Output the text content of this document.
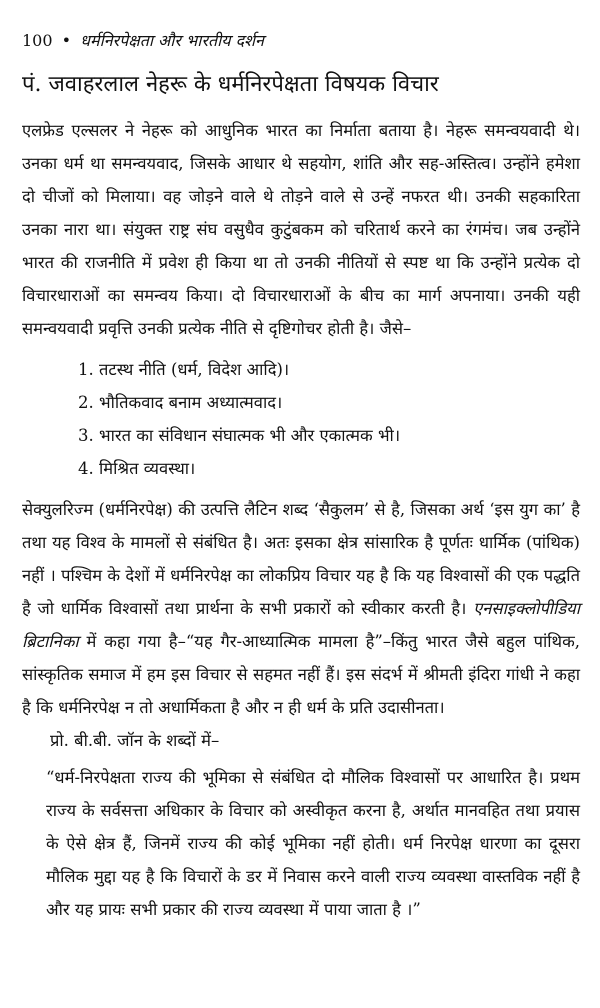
100 • धर्मनिरपेक्षता और भारतीय दर्शन
पं. जवाहरलाल नेहरू के धर्मनिरपेक्षता विषयक विचार

एलफ्रेड एल्सलर ने नेहरू को आधुनिक भारत का निर्माता बताया है। नेहरू समन्वयवादी थे। उनका धर्म था समन्वयवाद, जिसके आधार थे सहयोग, शांति और सह-अस्तित्व। उन्होंने हमेशा दो चीजों को मिलाया। वह जोड़ने वाले थे तोड़ने वाले से उन्हें नफरत थी। उनकी सहकारिता उनका नारा था। संयुक्त राष्ट्र संघ वसुधैव कुटुंबकम को चरितार्थ करने का रंगमंच। जब उन्होंने भारत की राजनीति में प्रवेश ही किया था तो उनकी नीतियों से स्पष्ट था कि उन्होंने प्रत्येक दो विचारधाराओं का समन्वय किया। दो विचारधाराओं के बीच का मार्ग अपनाया। उनकी यही समन्वयवादी प्रवृत्ति उनकी प्रत्येक नीति से दृष्टिगोचर होती है। जैसे–

1. तटस्थ नीति (धर्म, विदेश आदि)।
2. भौतिकवाद बनाम अध्यात्मवाद।
3. भारत का संविधान संघात्मक भी और एकात्मक भी।
4. मिश्रित व्यवस्था।

सेक्युलरिज्म (धर्मनिरपेक्ष) की उत्पत्ति लैटिन शब्द ‘सैकुलम’ से है, जिसका अर्थ ‘इस युग का’ है तथा यह विश्व के मामलों से संबंधित है। अतः इसका क्षेत्र सांसारिक है पूर्णतः धार्मिक (पांथिक) नहीं । पश्चिम के देशों में धर्मनिरपेक्ष का लोकप्रिय विचार यह है कि यह विश्वासों की एक पद्धति है जो धार्मिक विश्वासों तथा प्रार्थना के सभी प्रकारों को स्वीकार करती है। एनसाइक्लोपीडिया ब्रिटानिका में कहा गया है–“यह गैर-आध्यात्मिक मामला है”–किंतु भारत जैसे बहुल पांथिक, सांस्कृतिक समाज में हम इस विचार से सहमत नहीं हैं। इस संदर्भ में श्रीमती इंदिरा गांधी ने कहा है कि धर्मनिरपेक्ष न तो अधार्मिकता है और न ही धर्म के प्रति उदासीनता।

प्रो. बी.बी. जॉन के शब्दों में–

“धर्म-निरपेक्षता राज्य की भूमिका से संबंधित दो मौलिक विश्वासों पर आधारित है। प्रथम राज्य के सर्वसत्ता अधिकार के विचार को अस्वीकृत करना है, अर्थात मानवहित तथा प्रयास के ऐसे क्षेत्र हैं, जिनमें राज्य की कोई भूमिका नहीं होती। धर्म निरपेक्ष धारणा का दूसरा मौलिक मुद्दा यह है कि विचारों के डर में निवास करने वाली राज्य व्यवस्था वास्तविक नहीं है और यह प्रायः सभी प्रकार की राज्य व्यवस्था में पाया जाता है ।”
